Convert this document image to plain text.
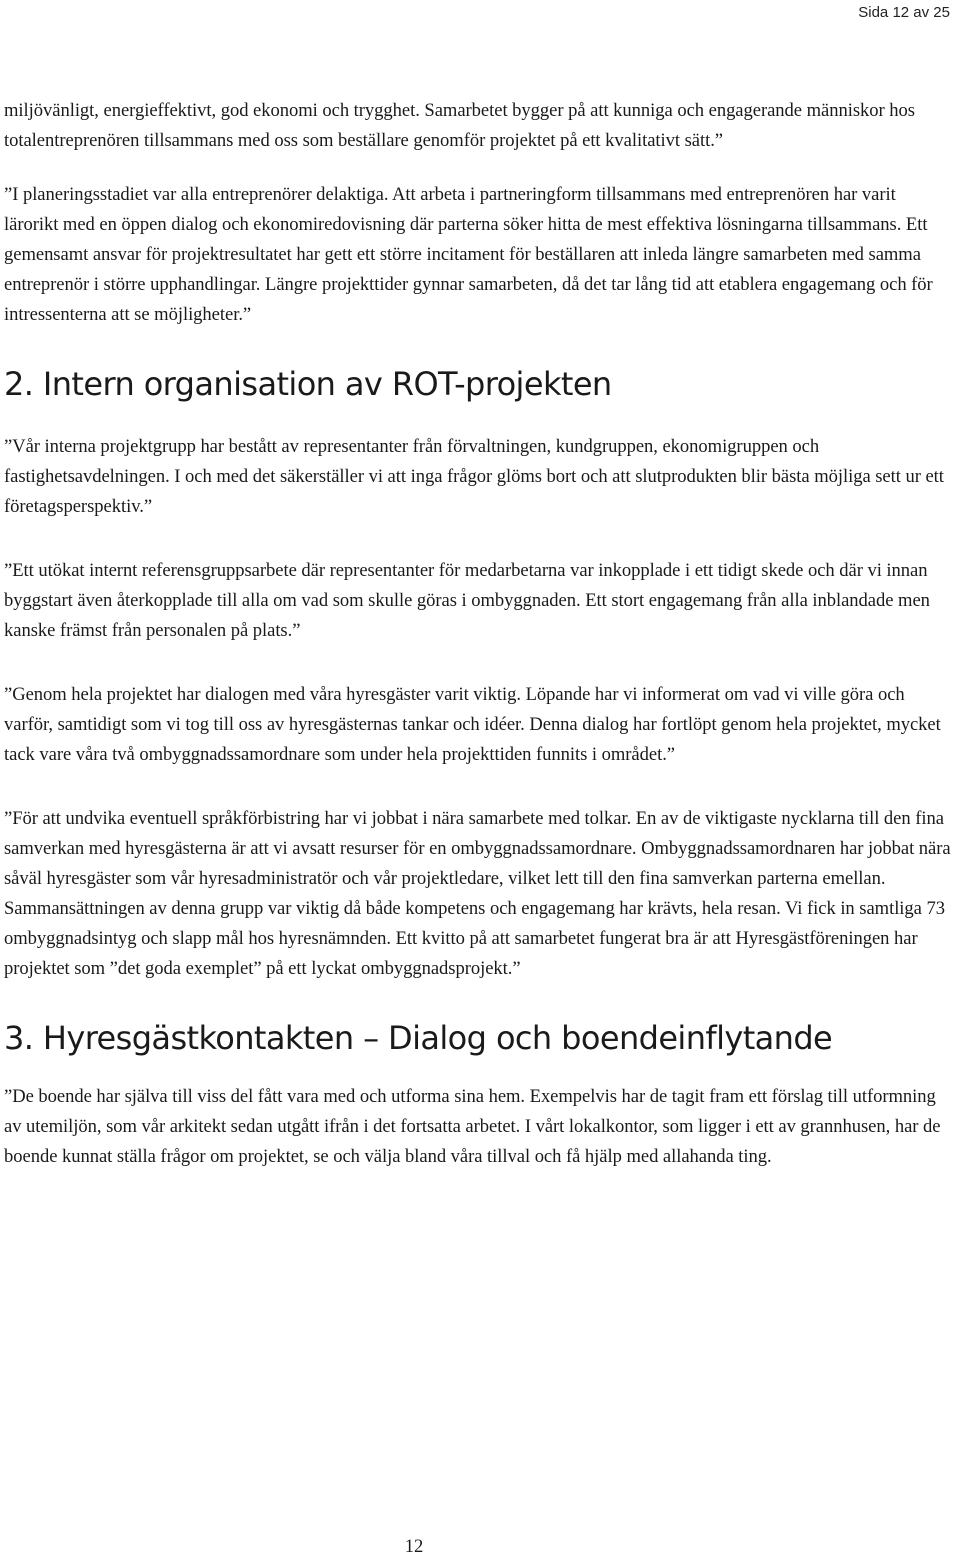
Sida 12 av 25

miljövänligt, energieffektivt, god ekonomi och trygghet. Samarbetet bygger på att kunniga och engagerande människor hos totalentreprenören tillsammans med oss som beställare genomför projektet på ett kvalitativt sätt.”

”I planeringsstadiet var alla entreprenörer delaktiga. Att arbeta i partneringform tillsammans med entreprenören har varit lärorikt med en öppen dialog och ekonomiredovisning där parterna söker hitta de mest effektiva lösningarna tillsammans. Ett gemensamt ansvar för projektresultatet har gett ett större incitament för beställaren att inleda längre samarbeten med samma entreprenör i större upphandlingar. Längre projekttider gynnar samarbeten, då det tar lång tid att etablera engagemang och för intressenterna att se möjligheter.”

2. Intern organisation av ROT-projekten

”Vår interna projektgrupp har bestått av representanter från förvaltningen, kundgruppen, ekonomigruppen och fastighetsavdelningen. I och med det säkerställer vi att inga frågor glöms bort och att slutprodukten blir bästa möjliga sett ur ett företagsperspektiv.”

”Ett utökat internt referensgruppsarbete där representanter för medarbetarna var inkopplade i ett tidigt skede och där vi innan byggstart även återkopplade till alla om vad som skulle göras i ombyggnaden. Ett stort engagemang från alla inblandade men kanske främst från personalen på plats.”

”Genom hela projektet har dialogen med våra hyresgäster varit viktig. Löpande har vi informerat om vad vi ville göra och varför, samtidigt som vi tog till oss av hyresgästernas tankar och idéer. Denna dialog har fortlöpt genom hela projektet, mycket tack vare våra två ombyggnadssamordnare som under hela projekttiden funnits i området.”

”För att undvika eventuell språkförbistring har vi jobbat i nära samarbete med tolkar. En av de viktigaste nycklarna till den fina samverkan med hyresgästerna är att vi avsatt resurser för en ombyggnadssamordnare. Ombyggnadssamordnaren har jobbat nära såväl hyresgäster som vår hyresadministratör och vår projektledare, vilket lett till den fina samverkan parterna emellan. Sammansättningen av denna grupp var viktig då både kompetens och engagemang har krävts, hela resan. Vi fick in samtliga 73 ombyggnadsintyg och slapp mål hos hyresnämnden. Ett kvitto på att samarbetet fungerat bra är att Hyresgästföreningen har projektet som ”det goda exemplet” på ett lyckat ombyggnadsprojekt.”

3. Hyresgästkontakten – Dialog och boendeinflytande

”De boende har själva till viss del fått vara med och utforma sina hem. Exempelvis har de tagit fram ett förslag till utformning av utemiljön, som vår arkitekt sedan utgått ifrån i det fortsatta arbetet. I vårt lokalkontor, som ligger i ett av grannhusen, har de boende kunnat ställa frågor om projektet, se och välja bland våra tillval och få hjälp med allahanda ting.

12
